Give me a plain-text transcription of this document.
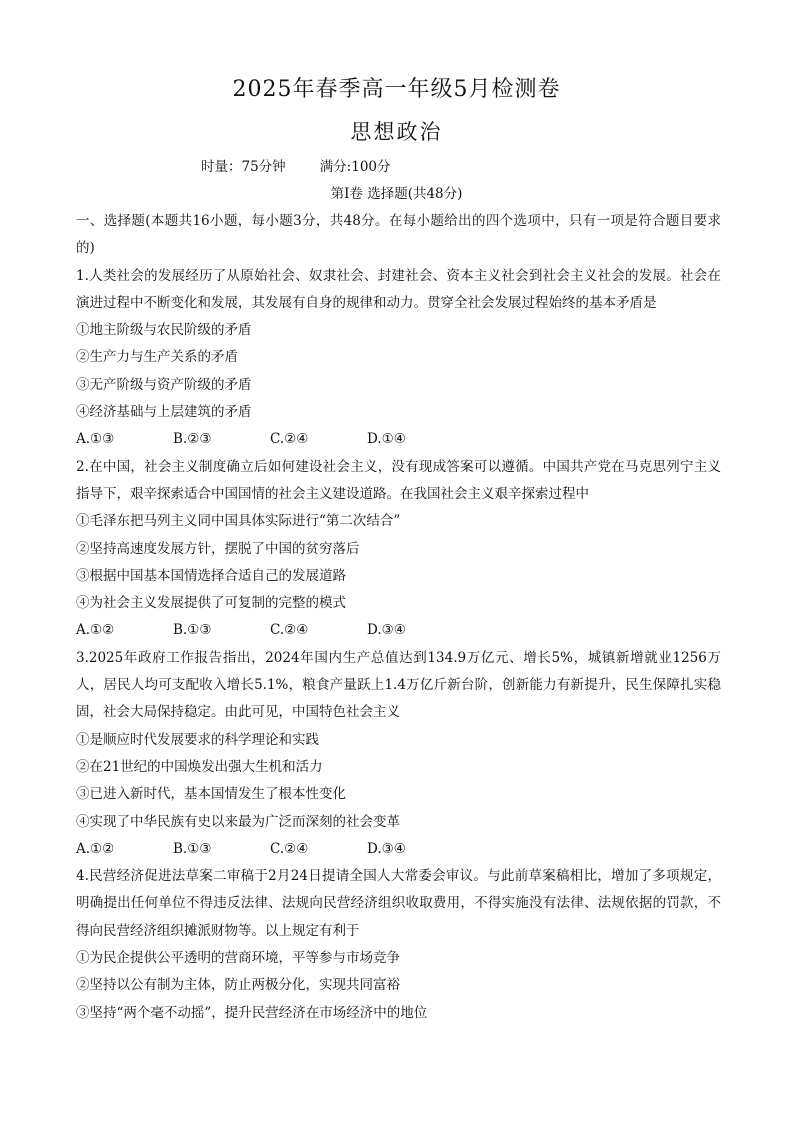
2025年春季高一年级5月检测卷
思想政治
时量：75分钟	满分:100分
第Ⅰ卷 选择题(共48分)

一、选择题(本题共16小题，每小题3分，共48分。在每小题给出的四个选项中，只有一项是符合题目要求的)

1.人类社会的发展经历了从原始社会、奴隶社会、封建社会、资本主义社会到社会主义社会的发展。社会在演进过程中不断变化和发展，其发展有自身的规律和动力。贯穿全社会发展过程始终的基本矛盾是

①地主阶级与农民阶级的矛盾

②生产力与生产关系的矛盾

③无产阶级与资产阶级的矛盾

④经济基础与上层建筑的矛盾

A.①③	B.②③	C.②④	D.①④

2.在中国，社会主义制度确立后如何建设社会主义，没有现成答案可以遵循。中国共产党在马克思列宁主义指导下，艰辛探索适合中国国情的社会主义建设道路。在我国社会主义艰辛探索过程中

①毛泽东把马列主义同中国具体实际进行“第二次结合”

②坚持高速度发展方针，摆脱了中国的贫穷落后

③根据中国基本国情选择合适自己的发展道路

④为社会主义发展提供了可复制的完整的模式

A.①②	B.①③	C.②④	D.③④

3.2025年政府工作报告指出，2024年国内生产总值达到134.9万亿元、增长5%，城镇新增就业1256万人，居民人均可支配收入增长5.1%，粮食产量跃上1.4万亿斤新台阶，创新能力有新提升，民生保障扎实稳固，社会大局保持稳定。由此可见，中国特色社会主义

①是顺应时代发展要求的科学理论和实践

②在21世纪的中国焕发出强大生机和活力

③已进入新时代，基本国情发生了根本性变化

④实现了中华民族有史以来最为广泛而深刻的社会变革

A.①②	B.①③	C.②④	D.③④

4.民营经济促进法草案二审稿于2月24日提请全国人大常委会审议。与此前草案稿相比，增加了多项规定，明确提出任何单位不得违反法律、法规向民营经济组织收取费用，不得实施没有法律、法规依据的罚款，不得向民营经济组织摊派财物等。以上规定有利于

①为民企提供公平透明的营商环境，平等参与市场竞争

②坚持以公有制为主体，防止两极分化，实现共同富裕

③坚持“两个毫不动摇”，提升民营经济在市场经济中的地位
